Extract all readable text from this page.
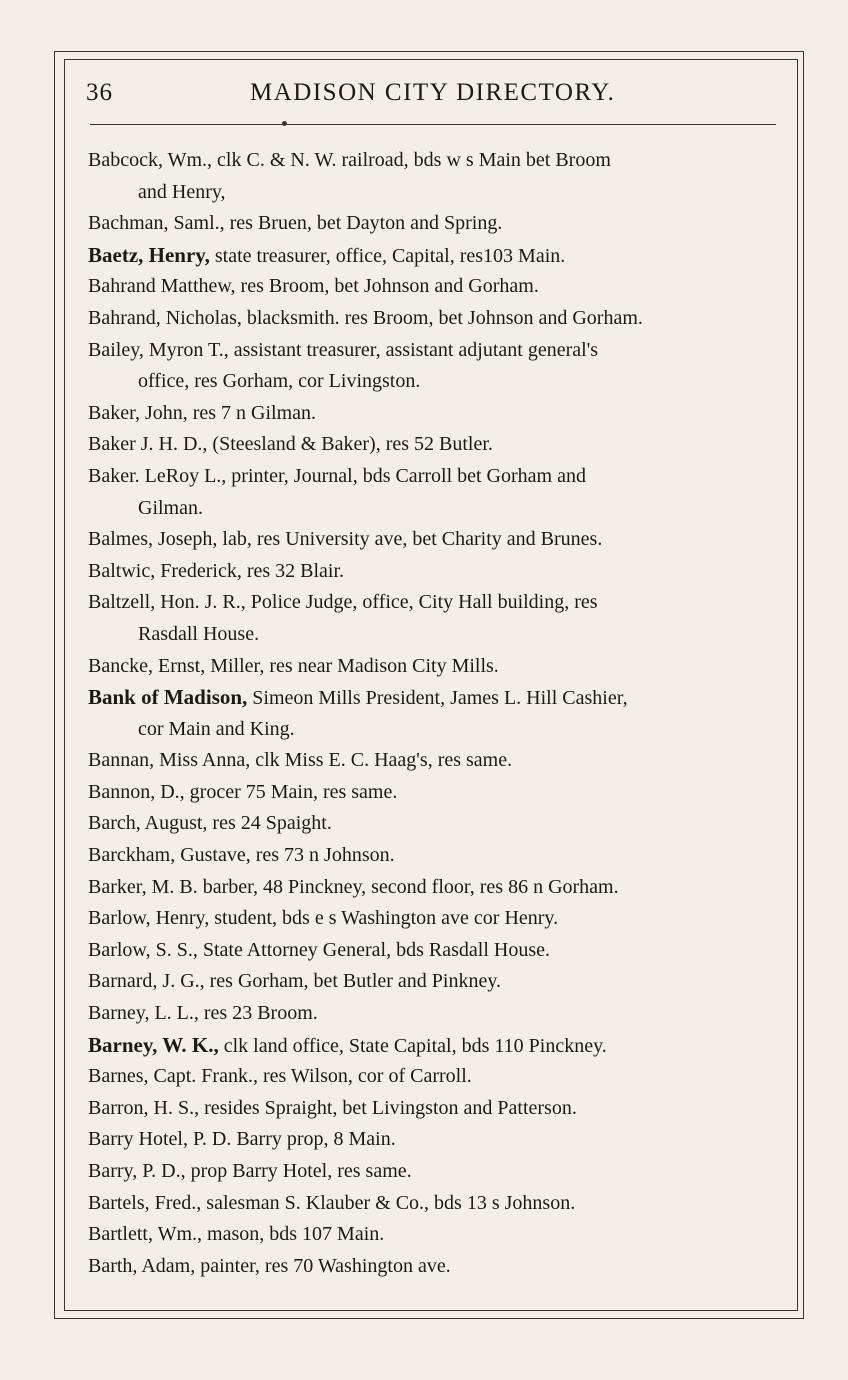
36	MADISON CITY DIRECTORY.
Babcock, Wm., clk C. & N. W. railroad, bds w s Main bet Broom
and Henry,
Bachman, Saml., res Bruen, bet Dayton and Spring.
Baetz, Henry, state treasurer, office, Capital, res103 Main.
Bahrand Matthew, res Broom, bet Johnson and Gorham.
Bahrand, Nicholas, blacksmith. res Broom, bet Johnson and Gorham.
Bailey, Myron T., assistant treasurer, assistant adjutant general's
office, res Gorham, cor Livingston.
Baker, John, res 7 n Gilman.
Baker J. H. D., (Steesland & Baker), res 52 Butler.
Baker. LeRoy L., printer, Journal, bds Carroll bet Gorham and
Gilman.
Balmes, Joseph, lab, res University ave, bet Charity and Brunes.
Baltwic, Frederick, res 32 Blair.
Baltzell, Hon. J. R., Police Judge, office, City Hall building, res
Rasdall House.
Bancke, Ernst, Miller, res near Madison City Mills.
Bank of Madison, Simeon Mills President, James L. Hill Cashier,
cor Main and King.
Bannan, Miss Anna, clk Miss E. C. Haag's, res same.
Bannon, D., grocer 75 Main, res same.
Barch, August, res 24 Spaight.
Barckham, Gustave, res 73 n Johnson.
Barker, M. B. barber, 48 Pinckney, second floor, res 86 n Gorham.
Barlow, Henry, student, bds e s Washington ave cor Henry.
Barlow, S. S., State Attorney General, bds Rasdall House.
Barnard, J. G., res Gorham, bet Butler and Pinkney.
Barney, L. L., res 23 Broom.
Barney, W. K., clk land office, State Capital, bds 110 Pinckney.
Barnes, Capt. Frank., res Wilson, cor of Carroll.
Barron, H. S., resides Spraight, bet Livingston and Patterson.
Barry Hotel, P. D. Barry prop, 8 Main.
Barry, P. D., prop Barry Hotel, res same.
Bartels, Fred., salesman S. Klauber & Co., bds 13 s Johnson.
Bartlett, Wm., mason, bds 107 Main.
Barth, Adam, painter, res 70 Washington ave.
